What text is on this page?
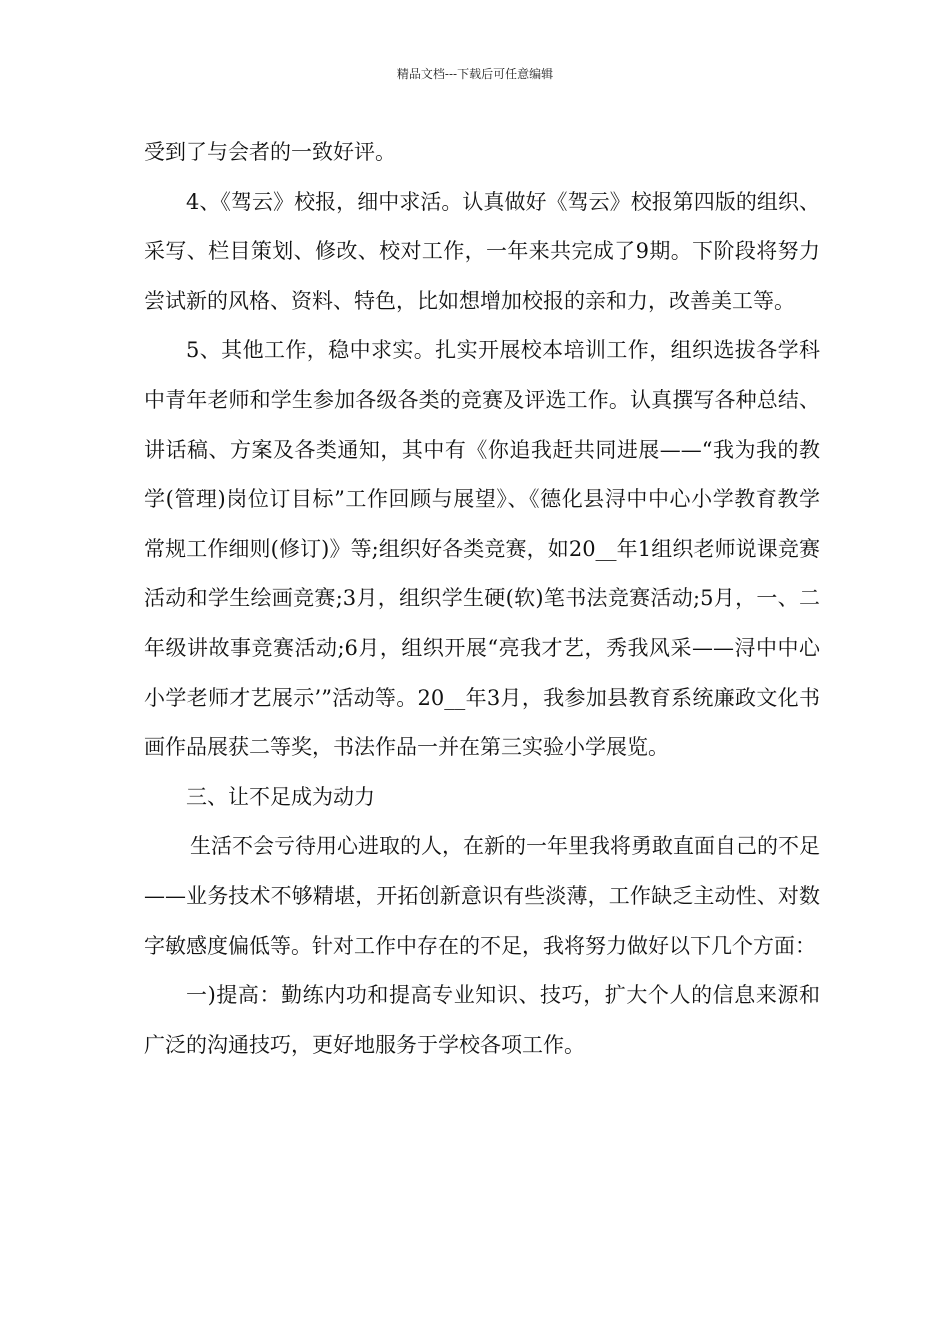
精品文档---下载后可任意编辑

受到了与会者的一致好评。

4、《驾云》校报，细中求活。认真做好《驾云》校报第四版的组织、采写、栏目策划、修改、校对工作，一年来共完成了9期。下阶段将努力尝试新的风格、资料、特色，比如想增加校报的亲和力，改善美工等。

5、其他工作，稳中求实。扎实开展校本培训工作，组织选拔各学科中青年老师和学生参加各级各类的竞赛及评选工作。认真撰写各种总结、讲话稿、方案及各类通知，其中有《你追我赶共同进展——“我为我的教学(管理)岗位订目标”工作回顾与展望》、《德化县浔中中心小学教育教学常规工作细则(修订)》等;组织好各类竞赛，如20__年1组织老师说课竞赛活动和学生绘画竞赛;3月，组织学生硬(软)笔书法竞赛活动;5月，一、二年级讲故事竞赛活动;6月，组织开展“亮我才艺，秀我风采——浔中中心小学老师才艺展示’”活动等。20__年3月，我参加县教育系统廉政文化书画作品展获二等奖，书法作品一并在第三实验小学展览。

三、让不足成为动力

生活不会亏待用心进取的人，在新的一年里我将勇敢直面自己的不足——业务技术不够精堪，开拓创新意识有些淡薄，工作缺乏主动性、对数字敏感度偏低等。针对工作中存在的不足，我将努力做好以下几个方面：

一)提高：勤练内功和提高专业知识、技巧，扩大个人的信息来源和广泛的沟通技巧，更好地服务于学校各项工作。
